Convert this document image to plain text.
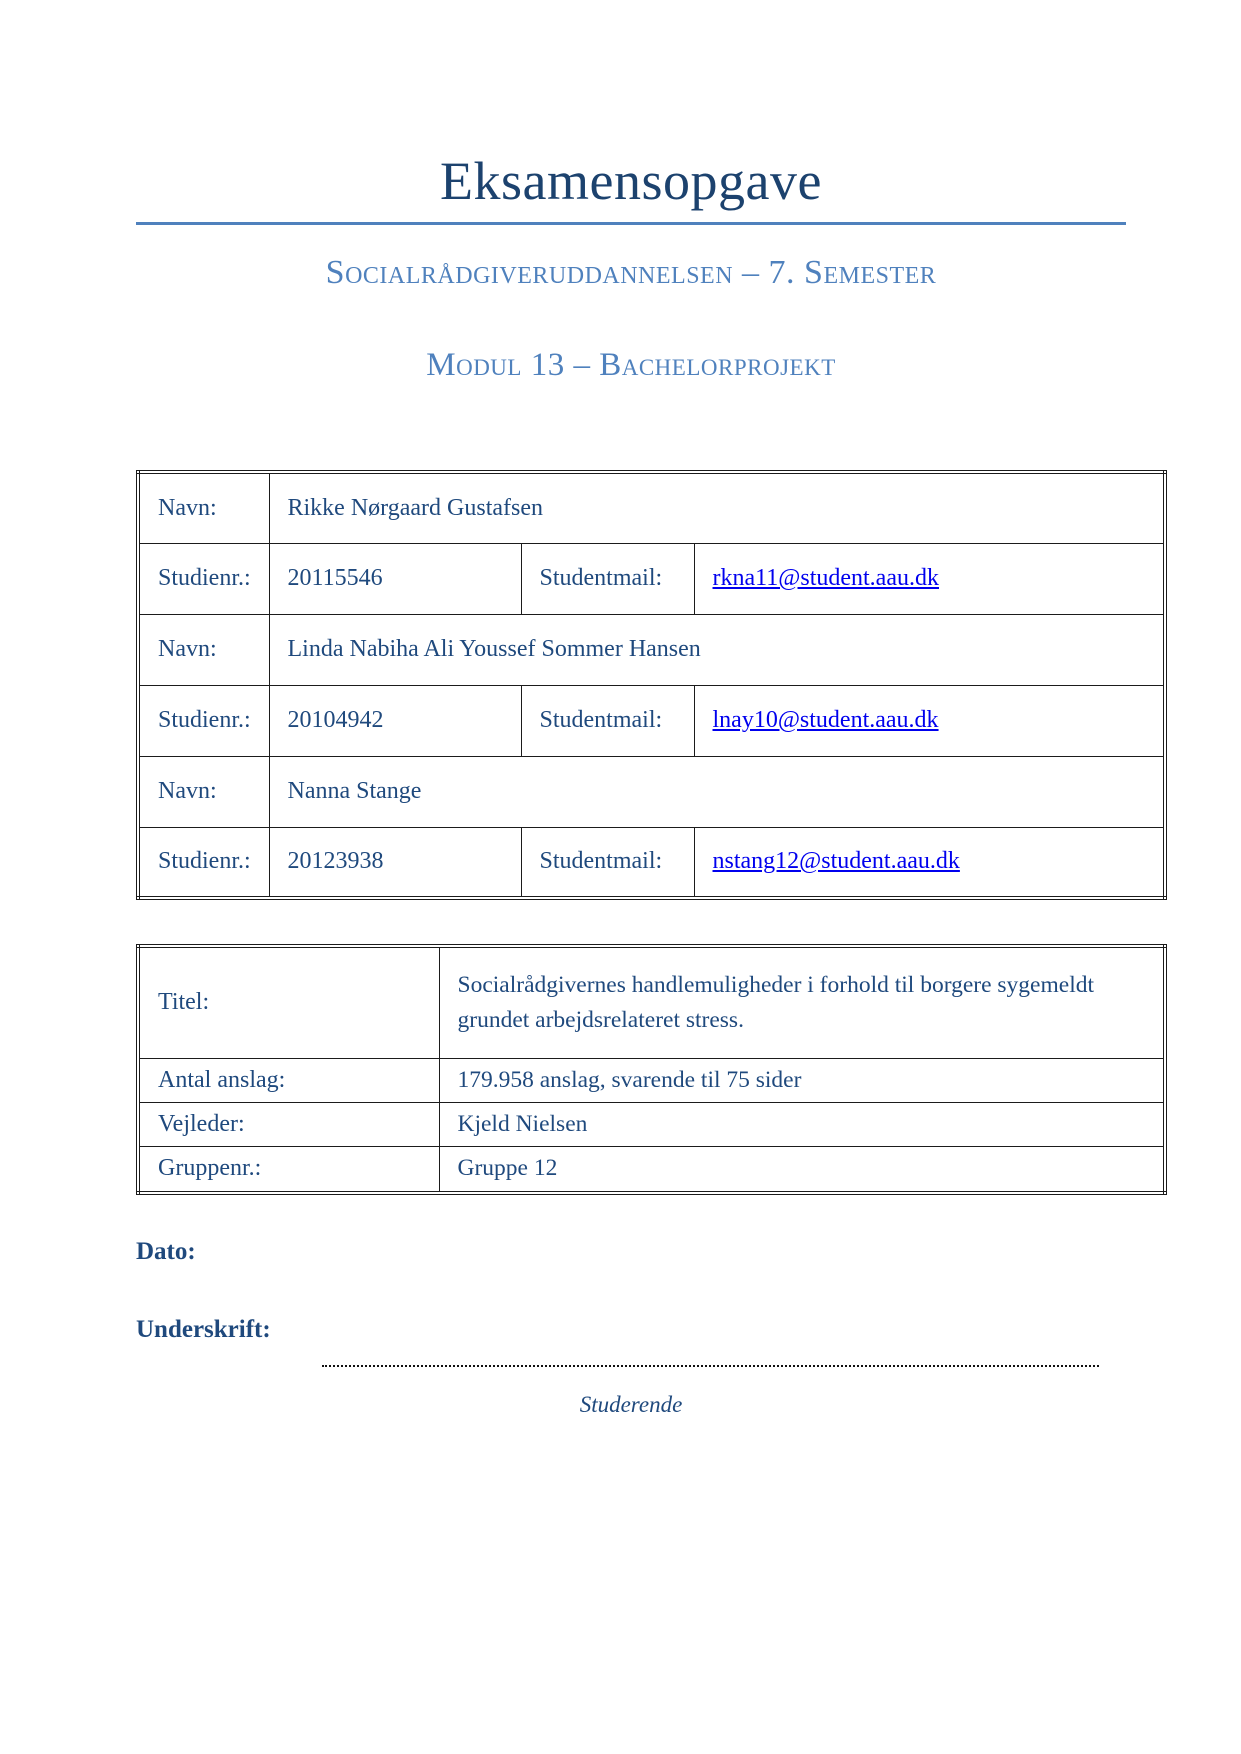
Eksamensopgave
Socialrådgiveruddannelsen – 7. Semester
Modul 13 – Bachelorprojekt
Navn:	Rikke Nørgaard Gustafsen		
Studienr.:	20115546	Studentmail:	rkna11@student.aau.dk
Navn:	Linda Nabiha Ali Youssef Sommer Hansen		
Studienr.:	20104942	Studentmail:	lnay10@student.aau.dk
Navn:	Nanna Stange		
Studienr.:	20123938	Studentmail:	nstang12@student.aau.dk
Titel:	Socialrådgivernes handlemuligheder i forhold til borgere sygemeldt grundet arbejdsrelateret stress.
Antal anslag:	179.958 anslag, svarende til 75 sider
Vejleder:	Kjeld Nielsen
Gruppenr.:	Gruppe 12
Dato:
Underskrift:
Studerende
